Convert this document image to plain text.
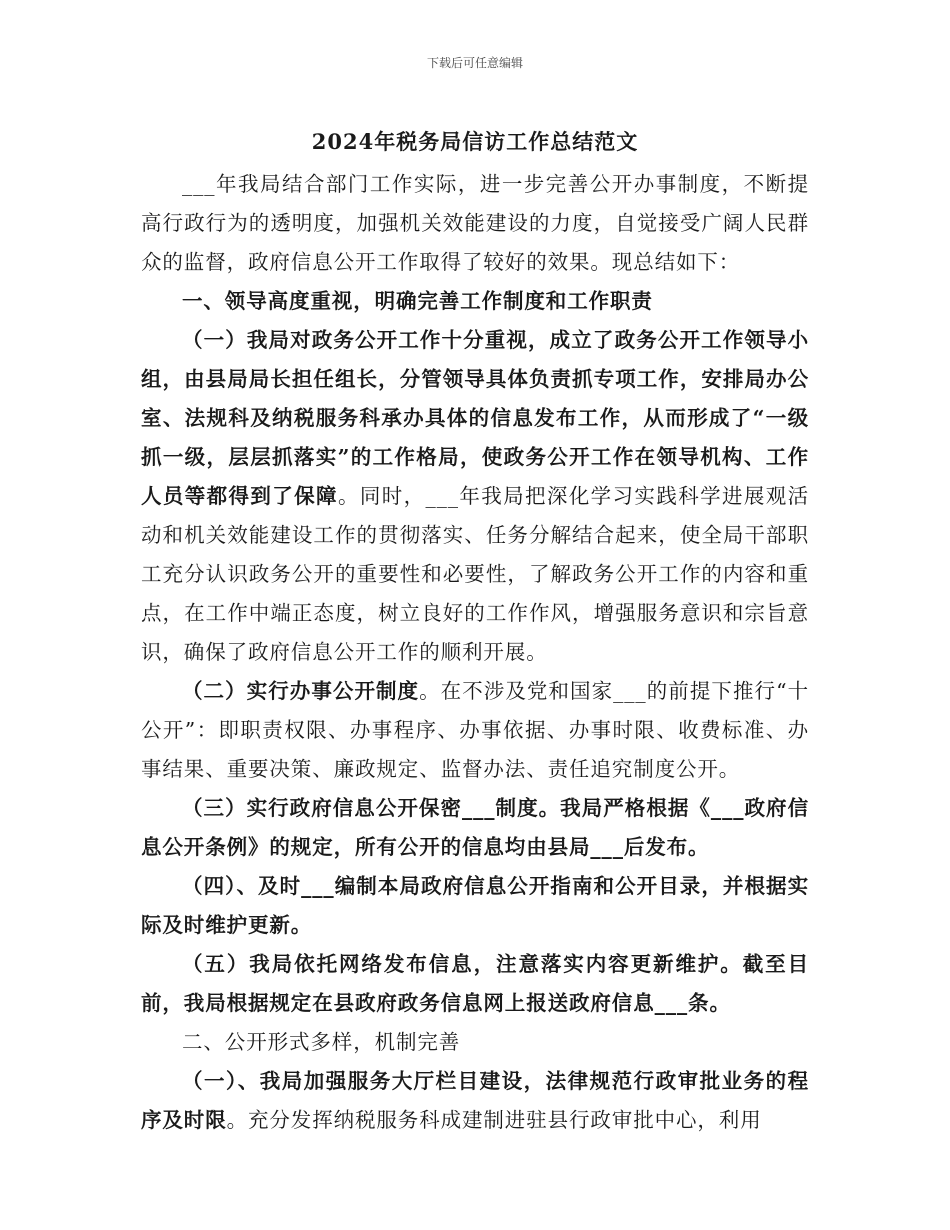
下载后可任意编辑
2024年税务局信访工作总结范文

___年我局结合部门工作实际，进一步完善公开办事制度，不断提高行政行为的透明度，加强机关效能建设的力度，自觉接受广阔人民群众的监督，政府信息公开工作取得了较好的效果。现总结如下：

一、领导高度重视，明确完善工作制度和工作职责

（一）我局对政务公开工作十分重视，成立了政务公开工作领导小组，由县局局长担任组长，分管领导具体负责抓专项工作，安排局办公室、法规科及纳税服务科承办具体的信息发布工作，从而形成了“一级抓一级，层层抓落实”的工作格局，使政务公开工作在领导机构、工作人员等都得到了保障。同时，___年我局把深化学习实践科学进展观活动和机关效能建设工作的贯彻落实、任务分解结合起来，使全局干部职工充分认识政务公开的重要性和必要性，了解政务公开工作的内容和重点，在工作中端正态度，树立良好的工作作风，增强服务意识和宗旨意识，确保了政府信息公开工作的顺利开展。

（二）实行办事公开制度。在不涉及党和国家___的前提下推行“十公开”：即职责权限、办事程序、办事依据、办事时限、收费标准、办事结果、重要决策、廉政规定、监督办法、责任追究制度公开。

（三）实行政府信息公开保密___制度。我局严格根据《___政府信息公开条例》的规定，所有公开的信息均由县局___后发布。

（四）、及时___编制本局政府信息公开指南和公开目录，并根据实际及时维护更新。

（五）我局依托网络发布信息，注意落实内容更新维护。截至目前，我局根据规定在县政府政务信息网上报送政府信息___条。

二、公开形式多样，机制完善

（一）、我局加强服务大厅栏目建设，法律规范行政审批业务的程序及时限。充分发挥纳税服务科成建制进驻县行政审批中心，利用
